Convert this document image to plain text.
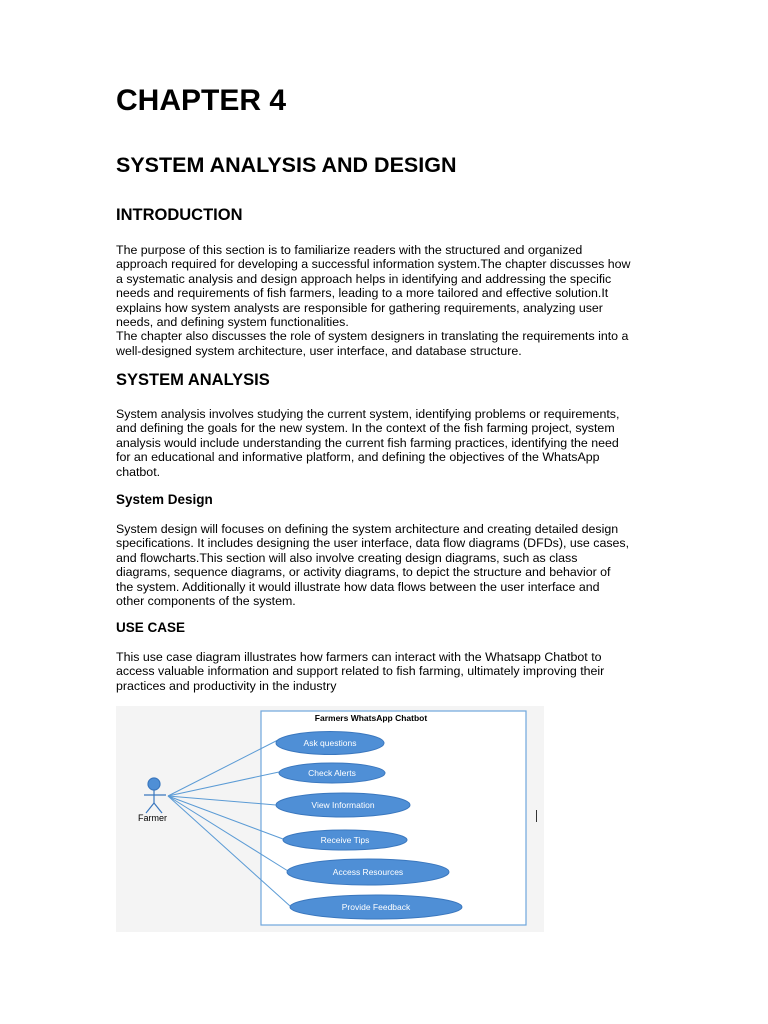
CHAPTER 4
SYSTEM ANALYSIS AND DESIGN
INTRODUCTION
The purpose of this section is to familiarize readers with the structured and organized
approach required for developing a successful information system.The chapter discusses how
a systematic analysis and design approach helps in identifying and addressing the specific
needs and requirements of fish farmers, leading to a more tailored and effective solution.It
explains how system analysts are responsible for gathering requirements, analyzing user
needs, and defining system functionalities.
The chapter also discusses the role of system designers in translating the requirements into a
well-designed system architecture, user interface, and database structure.
SYSTEM ANALYSIS
System analysis involves studying the current system, identifying problems or requirements,
and defining the goals for the new system. In the context of the fish farming project, system
analysis would include understanding the current fish farming practices, identifying the need
for an educational and informative platform, and defining the objectives of the WhatsApp
chatbot.
System Design
System design will focuses on defining the system architecture and creating detailed design
specifications. It includes designing the user interface, data flow diagrams (DFDs), use cases,
and flowcharts.This section will also involve creating design diagrams, such as class
diagrams, sequence diagrams, or activity diagrams, to depict the structure and behavior of
the system. Additionally it would illustrate how data flows between the user interface and
other components of the system.
USE CASE
This use case diagram illustrates how farmers can interact with the Whatsapp Chatbot to
access valuable information and support related to fish farming, ultimately improving their
practices and productivity in the industry
Farmers WhatsApp Chatbot
Farmer
Ask questions
Check Alerts
View Information
Receive Tips
Access Resources
Provide Feedback
